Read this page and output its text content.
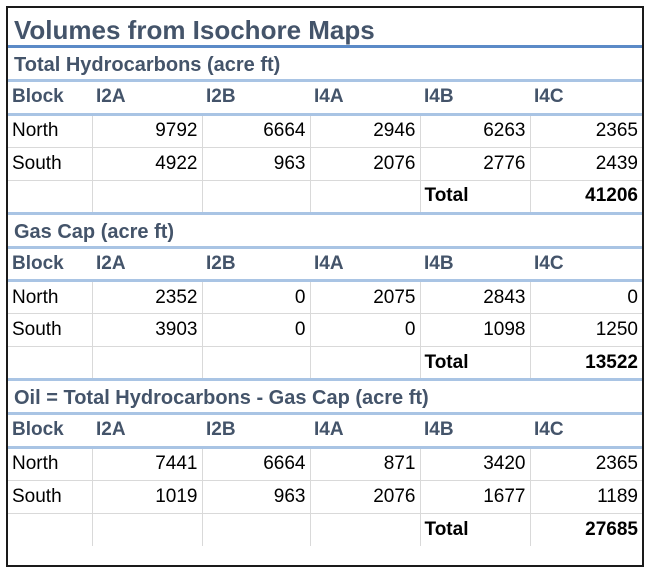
Volumes from Isochore Maps
Total Hydrocarbons (acre ft)
Block	I2A	I2B	I4A	I4B	I4C
North	9792	6664	2946	6263	2365
South	4922	963	2076	2776	2439
				Total	41206
Gas Cap (acre ft)
Block	I2A	I2B	I4A	I4B	I4C
North	2352	0	2075	2843	0
South	3903	0	0	1098	1250
				Total	13522
Oil = Total Hydrocarbons - Gas Cap (acre ft)
Block	I2A	I2B	I4A	I4B	I4C
North	7441	6664	871	3420	2365
South	1019	963	2076	1677	1189
				Total	27685
